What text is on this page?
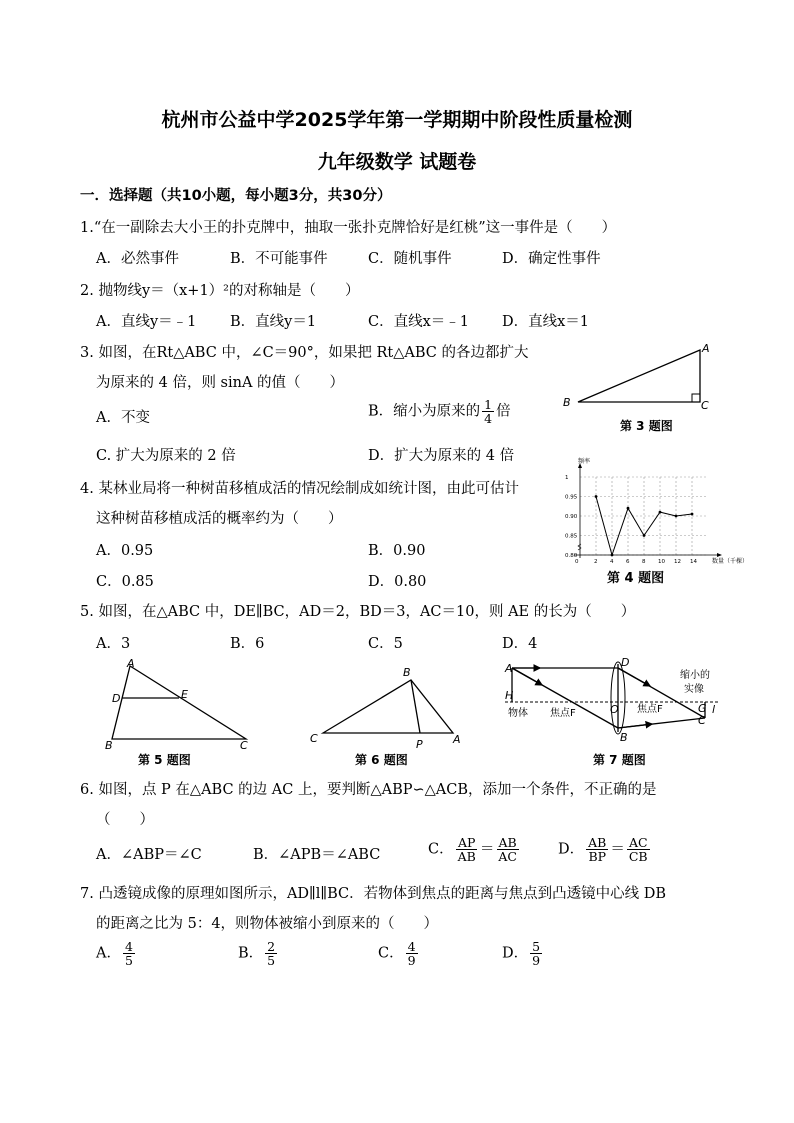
杭州市公益中学2025学年第一学期期中阶段性质量检测
九年级数学 试题卷
一．选择题（共10小题，每小题3分，共30分）
1.“在一副除去大小王的扑克牌中，抽取一张扑克牌恰好是红桃”这一事件是（　　）
A．必然事件	B．不可能事件	C．随机事件	D．确定性事件
2. 抛物线y＝（x+1）²的对称轴是（　　）
A．直线y＝﹣1 B．直线y＝1	C．直线x＝﹣1 D．直线x＝1
3. 如图，在Rt△ABC 中，∠C＝90°，如果把 Rt△ABC 的各边都扩大
为原来的 4 倍，则 sinA 的值（　　）
A．不变	B．缩小为原来的 $\frac{1}{4}$ 倍
C. 扩大为原来的 2 倍	D．扩大为原来的 4 倍
A
B	C
第 3 题图
4. 某林业局将一种树苗移植成活的情况绘制成如统计图，由此可估计
这种树苗移植成活的概率约为（　　）
A．0.95	B．0.90
C．0.85	D．0.80
0	2 4 6 8 10 12 14
0.80
0.85
0.90
0.95
1
频率
数量（千棵）
第 4 题图
5. 如图，在△ABC 中，DE∥BC，AD＝2，BD＝3，AC＝10，则 AE 的长为（　　）
A．3	B．6	C．5	D．4
A
D	E
B	C
第 5 题图
B
C	P	A
第 6 题图
A
H
物体 焦点F
D
O 焦点F
B
缩小的
实像
G l
C
第 7 题图
6. 如图，点 P 在△ABC 的边 AC 上，要判断△ABP∽△ACB，添加一个条件，不正确的是
（　　）
A．∠ABP＝∠C	B．∠APB＝∠ABC	C． $\frac{AP}{AB} = \frac{AB}{AC}$	D． $\frac{AB}{BP} = \frac{AC}{CB}$
7. 凸透镜成像的原理如图所示，AD∥l∥BC．若物体到焦点的距离与焦点到凸透镜中心线 DB
的距离之比为 5：4，则物体被缩小到原来的（　　）
A． $\frac{4}{5}$	B． $\frac{2}{5}$	C． $\frac{4}{9}$	D． $\frac{5}{9}$
